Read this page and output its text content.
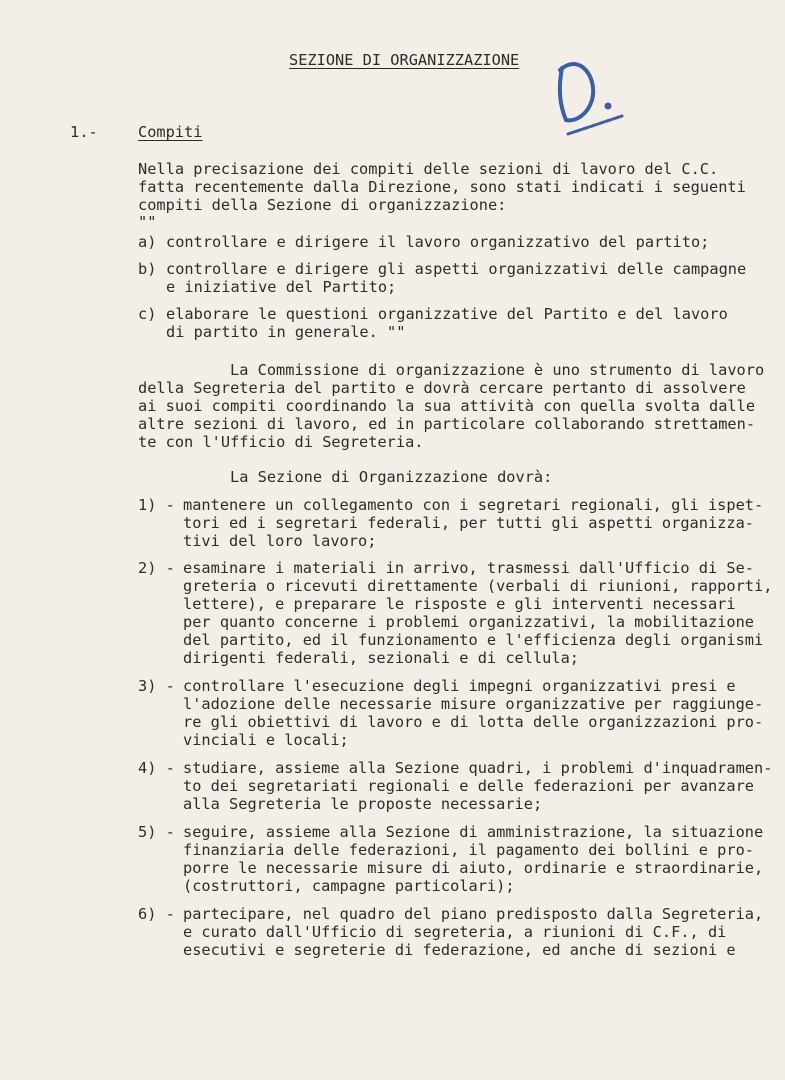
SEZIONE DI ORGANIZZAZIONE
1.-	Compiti
Nella precisazione dei compiti delle sezioni di lavoro del C.C.
fatta recentemente dalla Direzione, sono stati indicati i seguenti
compiti della Sezione di organizzazione:
""
a) controllare e dirigere il lavoro organizzativo del partito;
b) controllare e dirigere gli aspetti organizzativi delle campagne
e iniziative del Partito;
c) elaborare le questioni organizzative del Partito e del lavoro
di partito in generale. ""
La Commissione di organizzazione è uno strumento di lavoro
della Segreteria del partito e dovrà cercare pertanto di assolvere
ai suoi compiti coordinando la sua attività con quella svolta dalle
altre sezioni di lavoro, ed in particolare collaborando strettamen-
te con l'Ufficio di Segreteria.
La Sezione di Organizzazione dovrà:
1) - mantenere un collegamento con i segretari regionali, gli ispet-
tori ed i segretari federali, per tutti gli aspetti organizza-
tivi del loro lavoro;
2) - esaminare i materiali in arrivo, trasmessi dall'Ufficio di Se-
greteria o ricevuti direttamente (verbali di riunioni, rapporti,
lettere), e preparare le risposte e gli interventi necessari
per quanto concerne i problemi organizzativi, la mobilitazione
del partito, ed il funzionamento e l'efficienza degli organismi
dirigenti federali, sezionali e di cellula;
3) - controllare l'esecuzione degli impegni organizzativi presi e
l'adozione delle necessarie misure organizzative per raggiunge-
re gli obiettivi di lavoro e di lotta delle organizzazioni pro-
vinciali e locali;
4) - studiare, assieme alla Sezione quadri, i problemi d'inquadramen-
to dei segretariati regionali e delle federazioni per avanzare
alla Segreteria le proposte necessarie;
5) - seguire, assieme alla Sezione di amministrazione, la situazione
finanziaria delle federazioni, il pagamento dei bollini e pro-
porre le necessarie misure di aiuto, ordinarie e straordinarie,
(costruttori, campagne particolari);
6) - partecipare, nel quadro del piano predisposto dalla Segreteria,
e curato dall'Ufficio di segreteria, a riunioni di C.F., di
esecutivi e segreterie di federazione, ed anche di sezioni e
